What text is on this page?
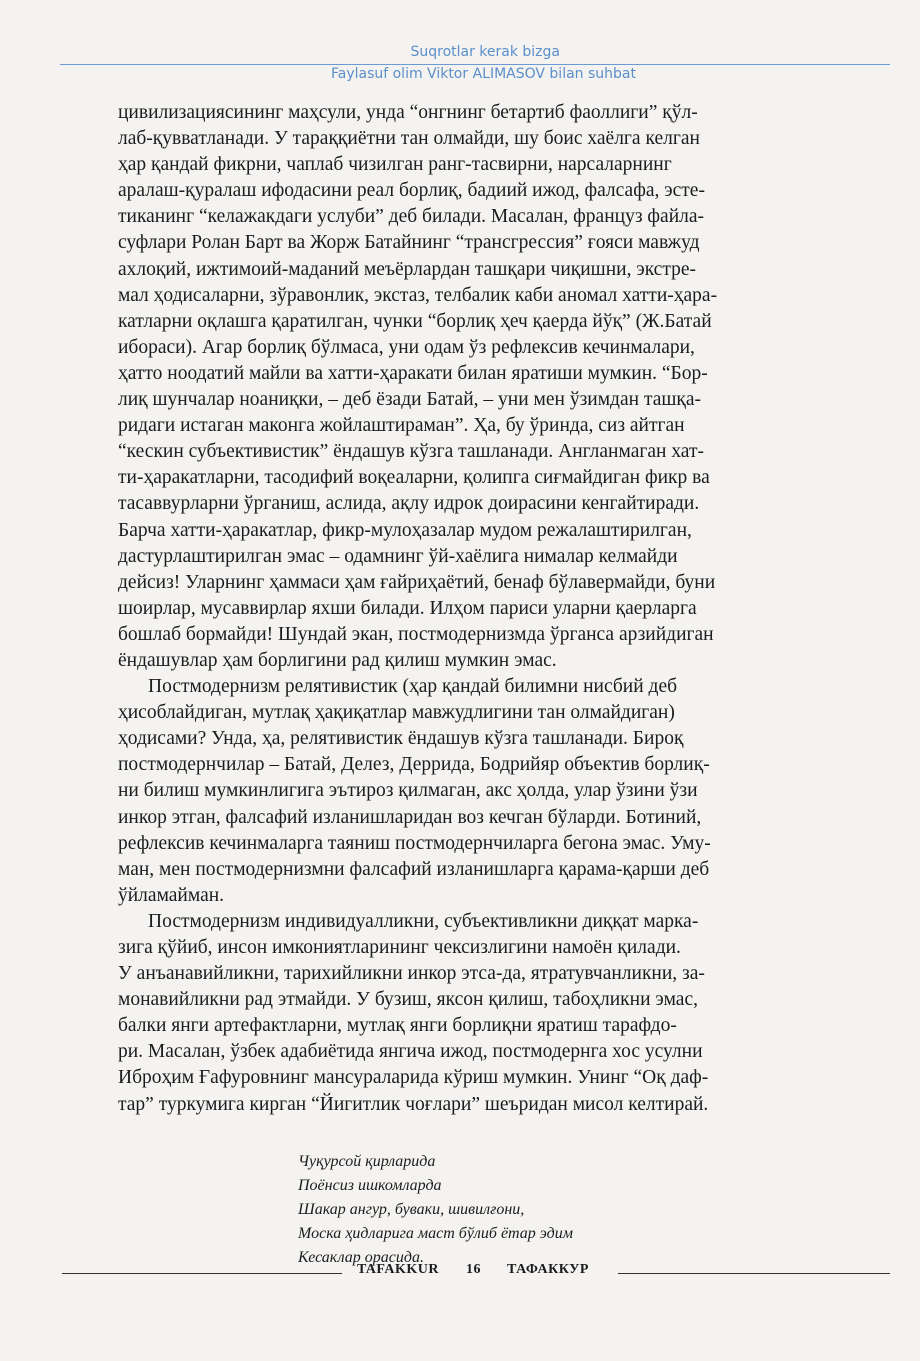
Suqrotlar kerak bizga
Faylasuf olim Viktor ALIMASOV bilan suhbat

цивилизациясининг маҳсули, унда “онгнинг бетартиб фаоллиги” қўл-
лаб-қувватланади. У тараққиётни тан олмайди, шу боис хаёлга келган
ҳар қандай фикрни, чаплаб чизилган ранг-тасвирни, нарсаларнинг
аралаш-қуралаш ифодасини реал борлиқ, бадиий ижод, фалсафа, эсте-
тиканинг “келажакдаги услуби” деб билади. Масалан, француз файла-
суфлари Ролан Барт ва Жорж Батайнинг “трансгрессия” ғояси мавжуд
ахлоқий, ижтимоий-маданий меъёрлардан ташқари чиқишни, экстре-
мал ҳодисаларни, зўравонлик, экстаз, телбалик каби аномал хатти-ҳара-
катларни оқлашга қаратилган, чунки “борлиқ ҳеч қаерда йўқ” (Ж.Батай
ибораси). Агар борлиқ бўлмаса, уни одам ўз рефлексив кечинмалари,
ҳатто ноодатий майли ва хатти-ҳаракати билан яратиши мумкин. “Бор-
лиқ шунчалар ноаниқки, – деб ёзади Батай, – уни мен ўзимдан ташқа-
ридаги истаган маконга жойлаштираман”. Ҳа, бу ўринда, сиз айтган
“кескин субъективистик” ёндашув кўзга ташланади. Англанмаган хат-
ти-ҳаракатларни, тасодифий воқеаларни, қолипга сиғмайдиган фикр ва
тасаввурларни ўрганиш, аслида, ақлу идрок доирасини кенгайтиради.
Барча хатти-ҳаракатлар, фикр-мулоҳазалар мудом режалаштирилган,
дастурлаштирилган эмас – одамнинг ўй-хаёлига нималар келмайди
дейсиз! Уларнинг ҳаммаси ҳам ғайриҳаётий, бенаф бўлавермайди, буни
шоирлар, мусаввирлар яхши билади. Илҳом париси уларни қаерларга
бошлаб бормайди! Шундай экан, постмодернизмда ўрганса арзийдиган
ёндашувлар ҳам борлигини рад қилиш мумкин эмас.

Постмодернизм релятивистик (ҳар қандай билимни нисбий деб
ҳисоблайдиган, мутлақ ҳақиқатлар мавжудлигини тан олмайдиган)
ҳодисами? Унда, ҳа, релятивистик ёндашув кўзга ташланади. Бироқ
постмодернчилар – Батай, Делез, Деррида, Бодрийяр объектив борлиқ-
ни билиш мумкинлигига эътироз қилмаган, акс ҳолда, улар ўзини ўзи
инкор этган, фалсафий изланишларидан воз кечган бўларди. Ботиний,
рефлексив кечинмаларга таяниш постмодернчиларга бегона эмас. Уму-
ман, мен постмодернизмни фалсафий изланишларга қарама-қарши деб
ўйламайман.

Постмодернизм индивидуалликни, субъективликни диққат марка-
зига қўйиб, инсон имкониятларининг чексизлигини намоён қилади.
У анъанавийликни, тарихийликни инкор этса-да, ятратувчанликни, за-
монавийликни рад этмайди. У бузиш, яксон қилиш, табоҳликни эмас,
балки янги артефактларни, мутлақ янги борлиқни яратиш тарафдо-
ри. Масалан, ўзбек адабиётида янгича ижод, постмодернга хос усулни
Иброҳим Ғафуровнинг мансураларида кўриш мумкин. Унинг “Оқ даф-
тар” туркумига кирган “Йигитлик чоғлари” шеъридан мисол келтирай.

Чуқурсой қирларида
Поёнсиз ишкомларда
Шакар ангур, буваки, шивилғони,
Моска ҳидларига маст бўлиб ётар эдим
Кесаклар орасида.
TAFAKKUR 16 ТАФАККУР
